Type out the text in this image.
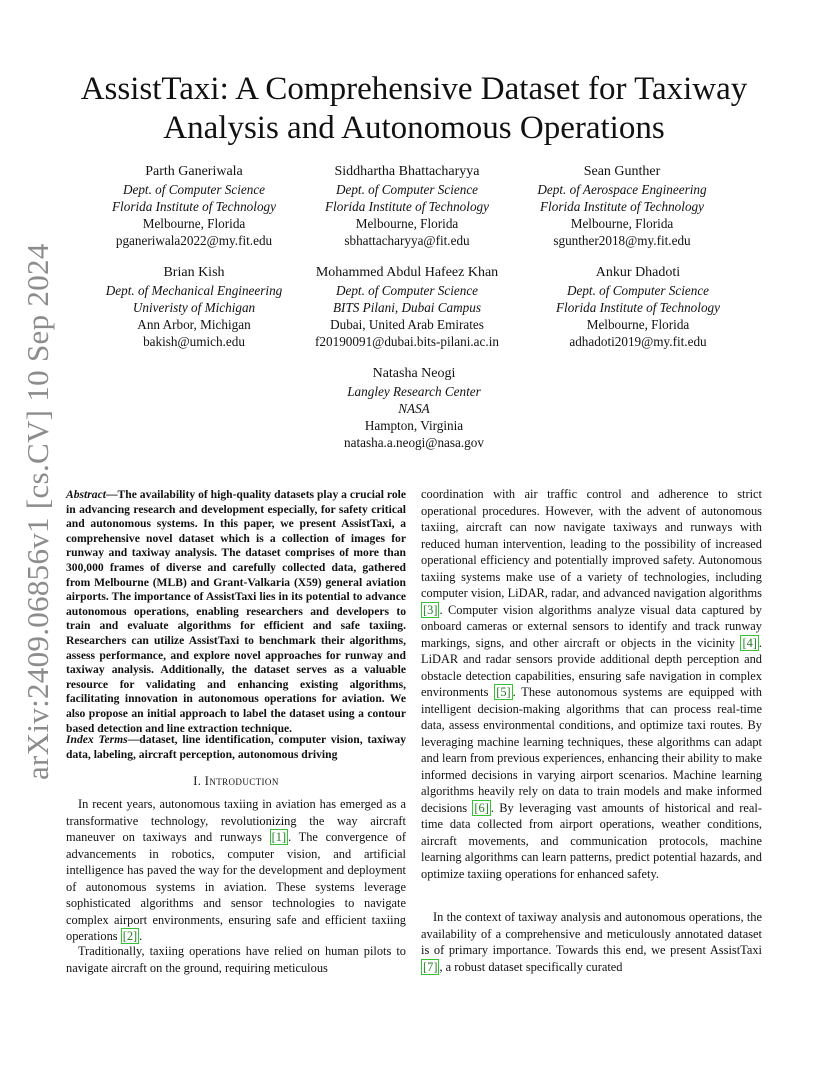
arXiv:2409.06856v1 [cs.CV] 10 Sep 2024
AssistTaxi: A Comprehensive Dataset for Taxiway
Analysis and Autonomous Operations
Parth Ganeriwala
Dept. of Computer Science
Florida Institute of Technology
Melbourne, Florida
pganeriwala2022@my.fit.edu
Siddhartha Bhattacharyya
Dept. of Computer Science
Florida Institute of Technology
Melbourne, Florida
sbhattacharyya@fit.edu
Sean Gunther
Dept. of Aerospace Engineering
Florida Institute of Technology
Melbourne, Florida
sgunther2018@my.fit.edu
Brian Kish
Dept. of Mechanical Engineering
Univeristy of Michigan
Ann Arbor, Michigan
bakish@umich.edu
Mohammed Abdul Hafeez Khan
Dept. of Computer Science
BITS Pilani, Dubai Campus
Dubai, United Arab Emirates
f20190091@dubai.bits-pilani.ac.in
Ankur Dhadoti
Dept. of Computer Science
Florida Institute of Technology
Melbourne, Florida
adhadoti2019@my.fit.edu
Natasha Neogi
Langley Research Center
NASA
Hampton, Virginia
natasha.a.neogi@nasa.gov
Abstract—The availability of high-quality datasets play a crucial role in advancing research and development especially, for safety critical and autonomous systems. In this paper, we present AssistTaxi, a comprehensive novel dataset which is a collection of images for runway and taxiway analysis. The dataset comprises of more than 300,000 frames of diverse and carefully collected data, gathered from Melbourne (MLB) and Grant-Valkaria (X59) general aviation airports. The importance of AssistTaxi lies in its potential to advance autonomous operations, enabling researchers and developers to train and evaluate algorithms for efficient and safe taxiing. Researchers can utilize AssistTaxi to benchmark their algorithms, assess performance, and explore novel approaches for runway and taxiway analysis. Additionally, the dataset serves as a valuable resource for validating and enhancing existing algorithms, facilitating innovation in autonomous operations for aviation. We also propose an initial approach to label the dataset using a contour based detection and line extraction technique.
Index Terms—dataset, line identification, computer vision, taxiway data, labeling, aircraft perception, autonomous driving
I. Introduction
In recent years, autonomous taxiing in aviation has emerged as a transformative technology, revolutionizing the way aircraft maneuver on taxiways and runways [1] . The convergence of advancements in robotics, computer vision, and artificial intelligence has paved the way for the development and deployment of autonomous systems in aviation. These systems leverage sophisticated algorithms and sensor technologies to navigate complex airport environments, ensuring safe and efficient taxiing operations [2] .
Traditionally, taxiing operations have relied on human pilots to navigate aircraft on the ground, requiring meticulous
coordination with air traffic control and adherence to strict operational procedures. However, with the advent of autonomous taxiing, aircraft can now navigate taxiways and runways with reduced human intervention, leading to the possibility of increased operational efficiency and potentially improved safety. Autonomous taxiing systems make use of a variety of technologies, including computer vision, LiDAR, radar, and advanced navigation algorithms [3] . Computer vision algorithms analyze visual data captured by onboard cameras or external sensors to identify and track runway markings, signs, and other aircraft or objects in the vicinity [4] . LiDAR and radar sensors provide additional depth perception and obstacle detection capabilities, ensuring safe navigation in complex environments [5] . These autonomous systems are equipped with intelligent decision-making algorithms that can process real-time data, assess environmental conditions, and optimize taxi routes. By leveraging machine learning techniques, these algorithms can adapt and learn from previous experiences, enhancing their ability to make informed decisions in varying airport scenarios. Machine learning algorithms heavily rely on data to train models and make informed decisions [6] . By leveraging vast amounts of historical and real-time data collected from airport operations, weather conditions, aircraft movements, and communication protocols, machine learning algorithms can learn patterns, predict potential hazards, and optimize taxiing operations for enhanced safety.
In the context of taxiway analysis and autonomous operations, the availability of a comprehensive and meticulously annotated dataset is of primary importance. Towards this end, we present AssistTaxi [7] , a robust dataset specifically curated
